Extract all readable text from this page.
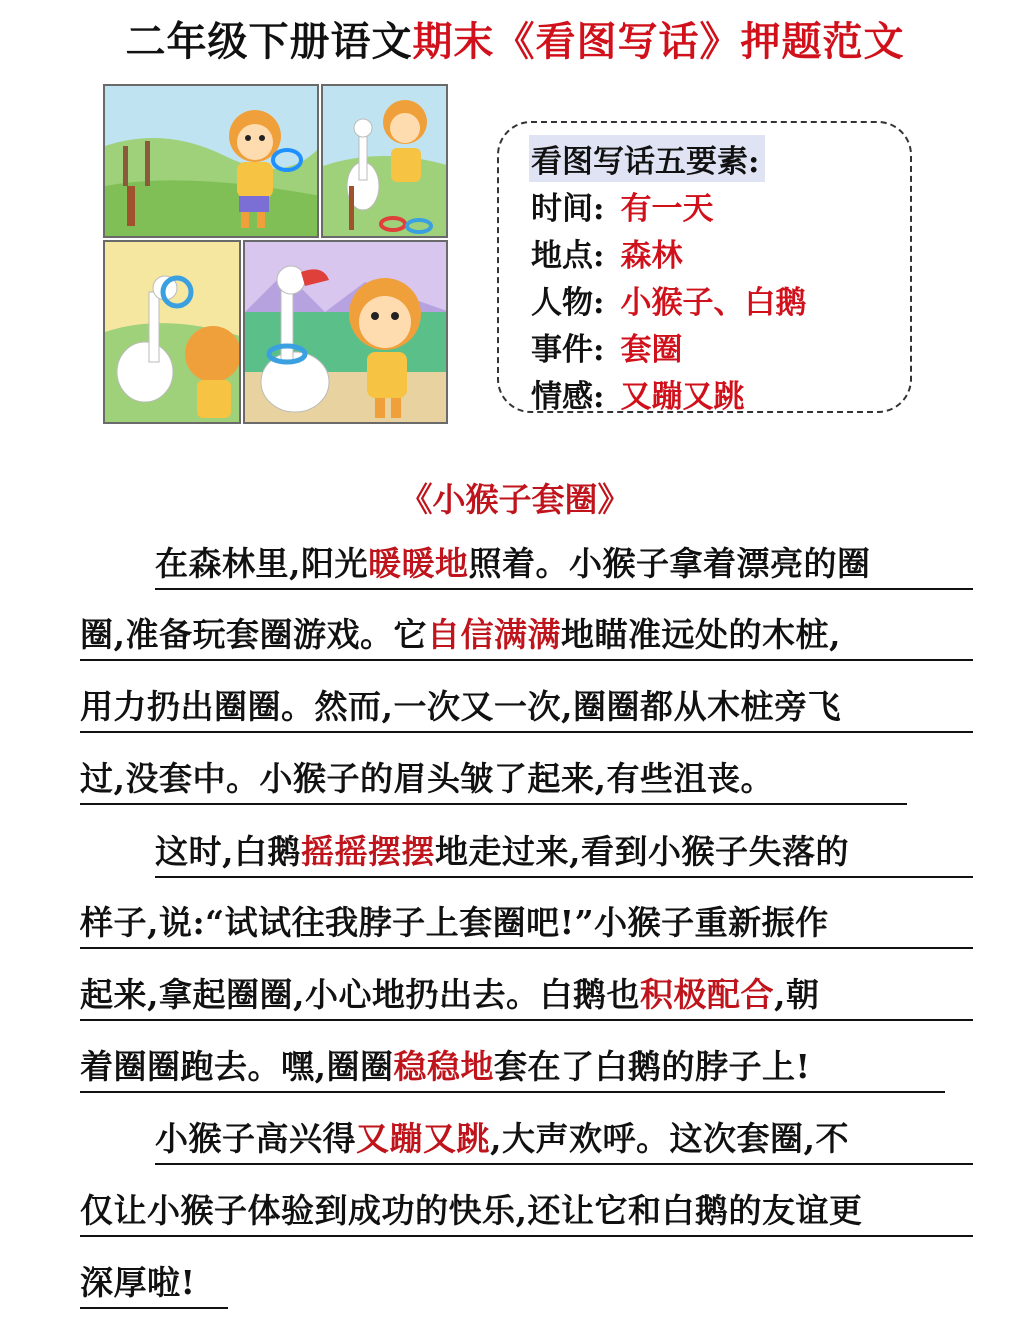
二年级下册语文期末《看图写话》押题范文
看图写话五要素:
时间: 有一天
地点: 森林
人物: 小猴子、白鹅
事件: 套圈
情感: 又蹦又跳
《小猴子套圈》
在森林里,阳光暖暖地照着。小猴子拿着漂亮的圈
圈,准备玩套圈游戏。它自信满满地瞄准远处的木桩,
用力扔出圈圈。然而,一次又一次,圈圈都从木桩旁飞
过,没套中。小猴子的眉头皱了起来,有些沮丧。
这时,白鹅摇摇摆摆地走过来,看到小猴子失落的
样子,说:“试试往我脖子上套圈吧!”小猴子重新振作
起来,拿起圈圈,小心地扔出去。白鹅也积极配合,朝
着圈圈跑去。嘿,圈圈稳稳地套在了白鹅的脖子上!
小猴子高兴得又蹦又跳,大声欢呼。这次套圈,不
仅让小猴子体验到成功的快乐,还让它和白鹅的友谊更
深厚啦!
